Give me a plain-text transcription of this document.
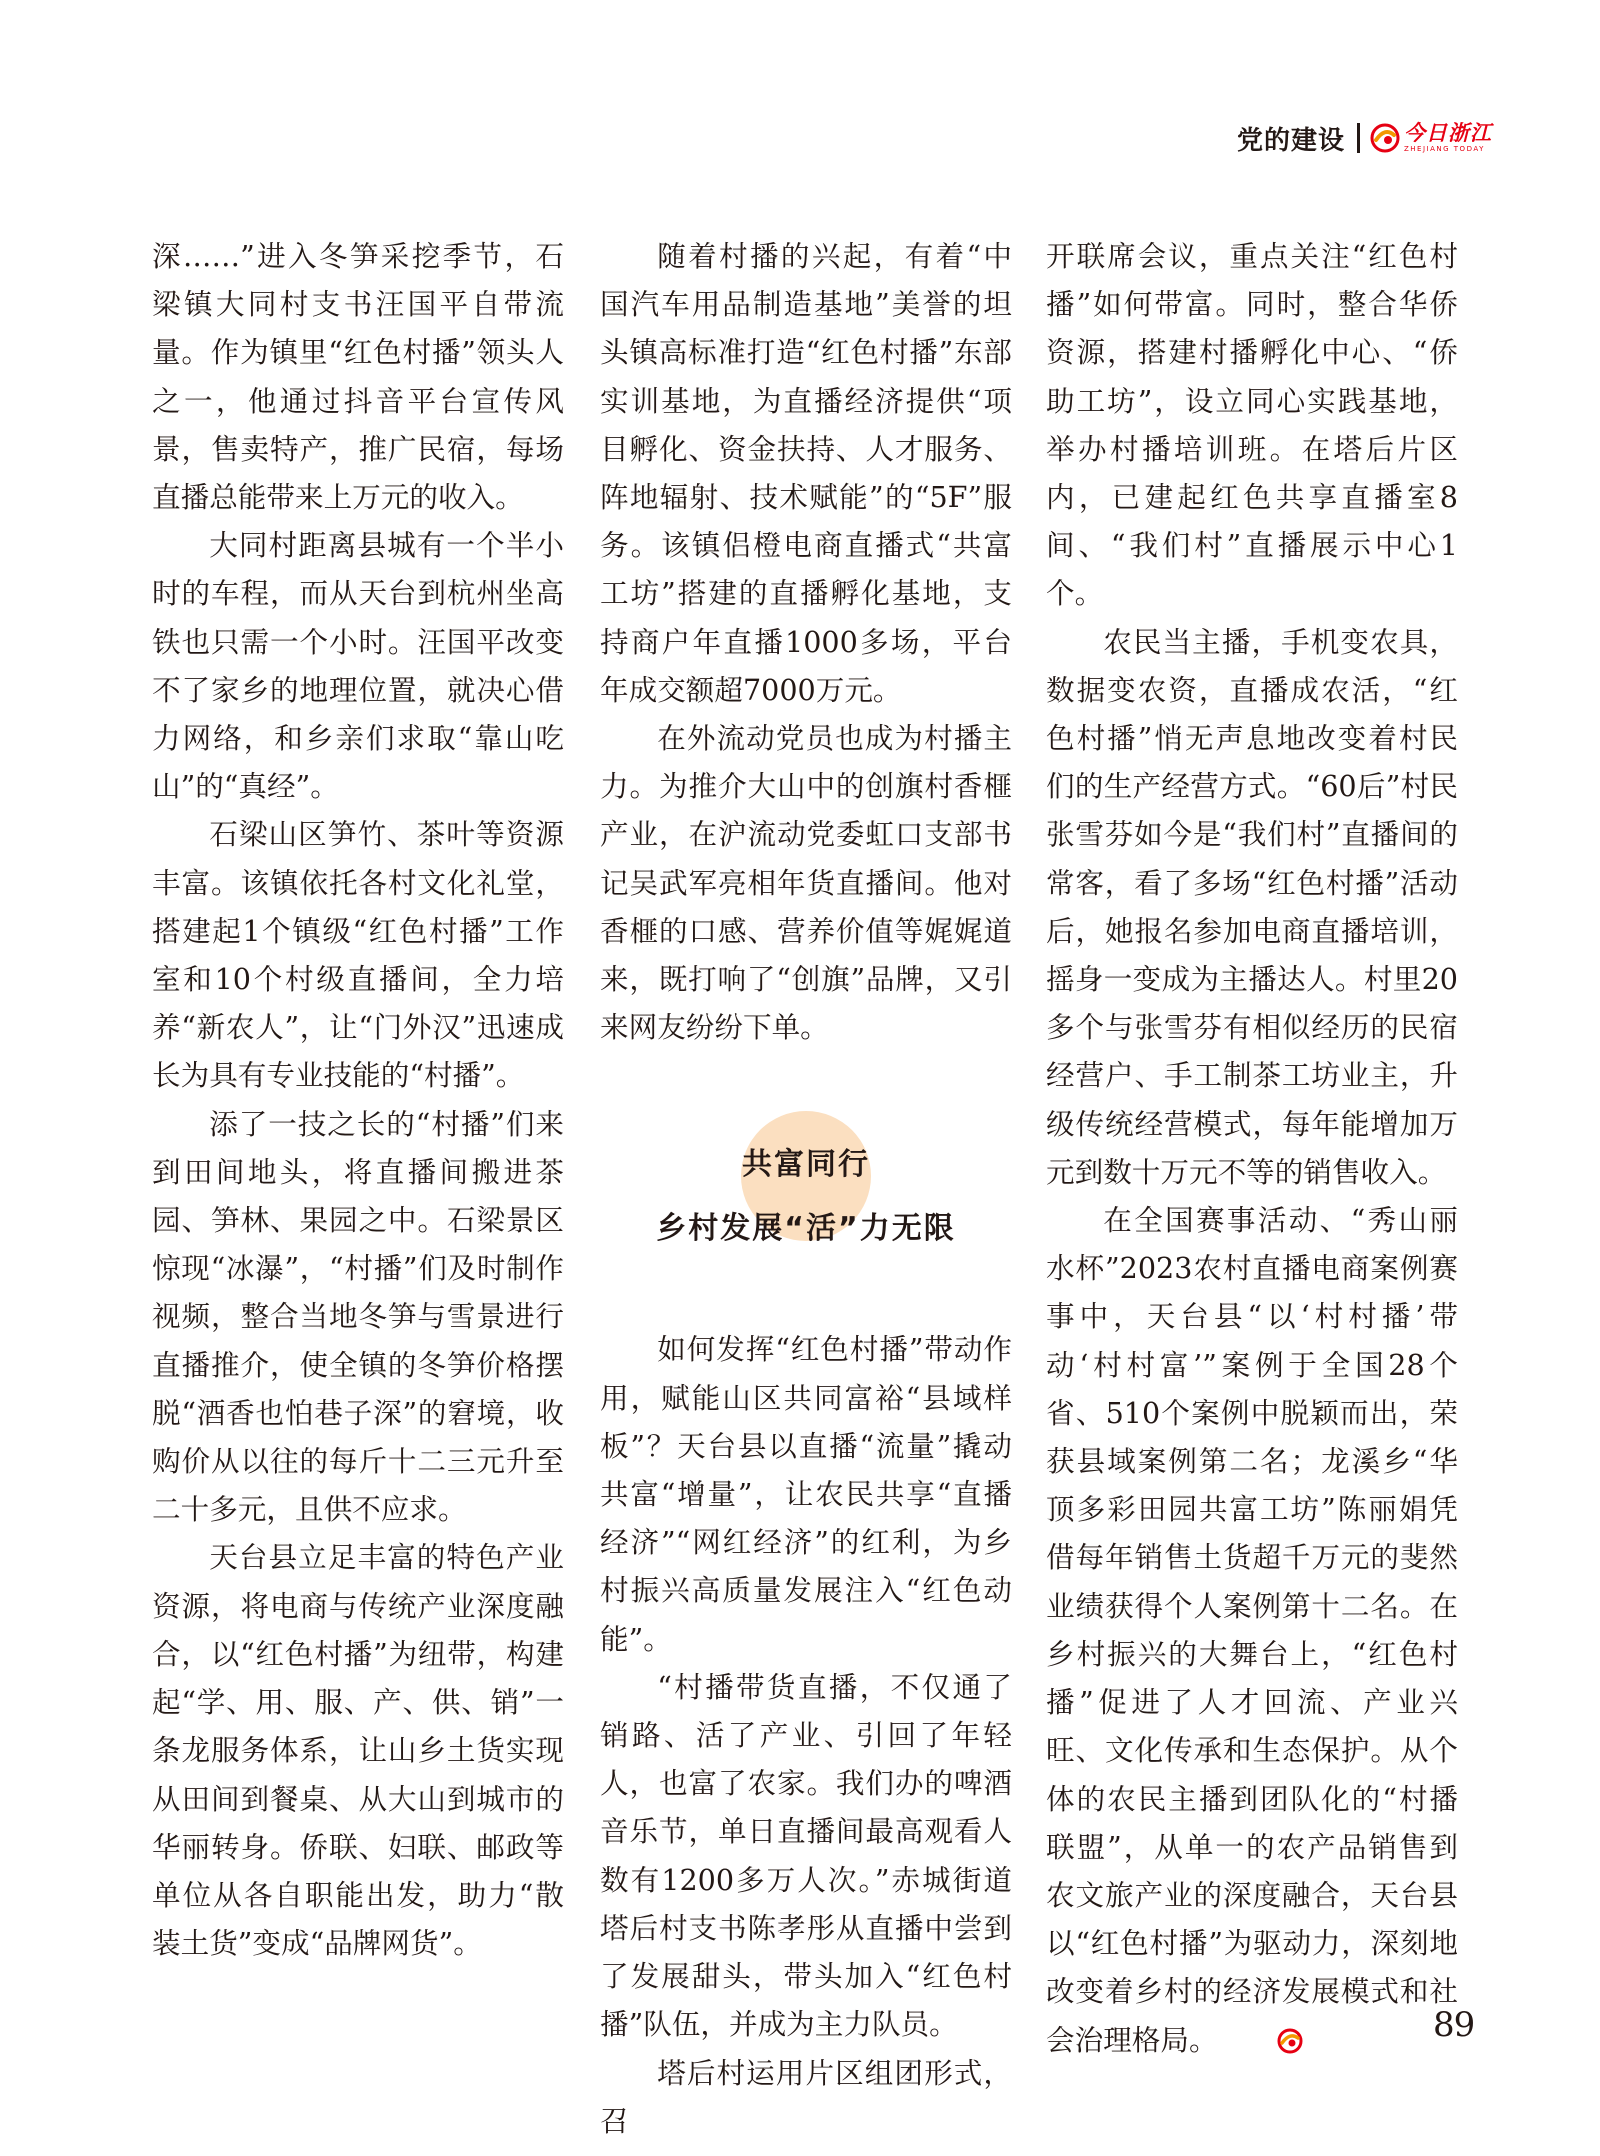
党的建设	今日浙江
ZHEJIANG TODAY

深……”进入冬笋采挖季节，石梁镇大同村支书汪国平自带流量。作为镇里“红色村播”领头人之一，他通过抖音平台宣传风景，售卖特产，推广民宿，每场直播总能带来上万元的收入。

大同村距离县城有一个半小时的车程，而从天台到杭州坐高铁也只需一个小时。汪国平改变不了家乡的地理位置，就决心借力网络，和乡亲们求取“靠山吃山”的“真经”。

石梁山区笋竹、茶叶等资源丰富。该镇依托各村文化礼堂，搭建起1个镇级“红色村播”工作室和10个村级直播间，全力培养“新农人”，让“门外汉”迅速成长为具有专业技能的“村播”。

添了一技之长的“村播”们来到田间地头，将直播间搬进茶园、笋林、果园之中。石梁景区惊现“冰瀑”，“村播”们及时制作视频，整合当地冬笋与雪景进行直播推介，使全镇的冬笋价格摆脱“酒香也怕巷子深”的窘境，收购价从以往的每斤十二三元升至二十多元，且供不应求。

天台县立足丰富的特色产业资源，将电商与传统产业深度融合，以“红色村播”为纽带，构建起“学、用、服、产、供、销”一条龙服务体系，让山乡土货实现从田间到餐桌、从大山到城市的华丽转身。侨联、妇联、邮政等单位从各自职能出发，助力“散装土货”变成“品牌网货”。

随着村播的兴起，有着“中国汽车用品制造基地”美誉的坦头镇高标准打造“红色村播”东部实训基地，为直播经济提供“项目孵化、资金扶持、人才服务、阵地辐射、技术赋能”的“5F”服务。该镇侣橙电商直播式“共富工坊”搭建的直播孵化基地，支持商户年直播1000多场，平台年成交额超7000万元。

在外流动党员也成为村播主力。为推介大山中的创旗村香榧产业，在沪流动党委虹口支部书记吴武军亮相年货直播间。他对香榧的口感、营养价值等娓娓道来，既打响了“创旗”品牌，又引来网友纷纷下单。

共富同行
乡村发展“活”力无限

如何发挥“红色村播”带动作用，赋能山区共同富裕“县域样板”？天台县以直播“流量”撬动共富“增量”，让农民共享“直播经济”“网红经济”的红利，为乡村振兴高质量发展注入“红色动能”。

“村播带货直播，不仅通了销路、活了产业、引回了年轻人，也富了农家。我们办的啤酒音乐节，单日直播间最高观看人数有1200多万人次。”赤城街道塔后村支书陈孝彤从直播中尝到了发展甜头，带头加入“红色村播”队伍，并成为主力队员。

塔后村运用片区组团形式，召

开联席会议，重点关注“红色村播”如何带富。同时，整合华侨资源，搭建村播孵化中心、“侨助工坊”，设立同心实践基地，举办村播培训班。在塔后片区内，已建起红色共享直播室8间、“我们村”直播展示中心1个。

农民当主播，手机变农具，数据变农资，直播成农活，“红色村播”悄无声息地改变着村民们的生产经营方式。“60后”村民张雪芬如今是“我们村”直播间的常客，看了多场“红色村播”活动后，她报名参加电商直播培训，摇身一变成为主播达人。村里20多个与张雪芬有相似经历的民宿经营户、手工制茶工坊业主，升级传统经营模式，每年能增加万元到数十万元不等的销售收入。

在全国赛事活动、“秀山丽水杯”2023农村直播电商案例赛事中，天台县“以‘村村播’带动‘村村富’”案例于全国28个省、510个案例中脱颖而出，荣获县域案例第二名；龙溪乡“华顶多彩田园共富工坊”陈丽娟凭借每年销售土货超千万元的斐然业绩获得个人案例第十二名。在乡村振兴的大舞台上，“红色村播”促进了人才回流、产业兴旺、文化传承和生态保护。从个体的农民主播到团队化的“村播联盟”，从单一的农产品销售到农文旅产业的深度融合，天台县以“红色村播”为驱动力，深刻地改变着乡村的经济发展模式和社会治理格局。	89
